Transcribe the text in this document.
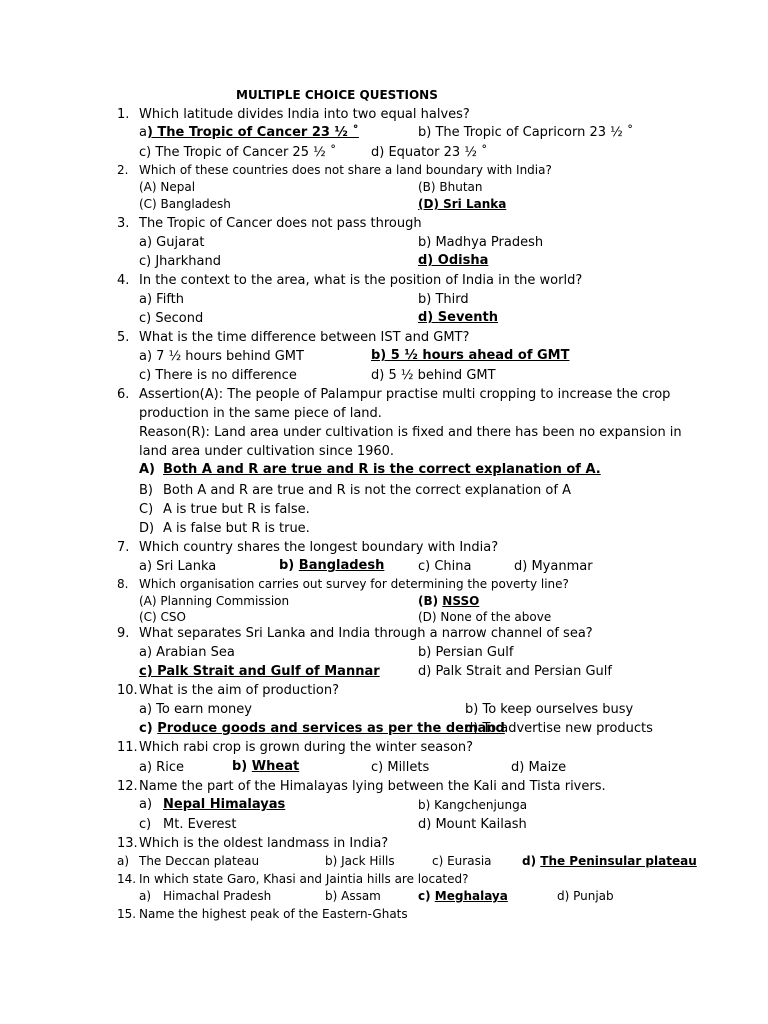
MULTIPLE CHOICE QUESTIONS
1. Which latitude divides India into two equal halves?
a) The Tropic of Cancer 23 ½ ˚	b) The Tropic of Capricorn 23 ½ ˚
c) The Tropic of Cancer 25 ½ ˚	d) Equator 23 ½ ˚
2. Which of these countries does not share a land boundary with India?
(A) Nepal	(B) Bhutan
(C) Bangladesh	(D) Sri Lanka
3. The Tropic of Cancer does not pass through
a) Gujarat	b) Madhya Pradesh
c) Jharkhand	d) Odisha
4. In the context to the area, what is the position of India in the world?
a) Fifth	b) Third
c) Second	d) Seventh
5. What is the time difference between IST and GMT?
a) 7 ½ hours behind GMT	b) 5 ½ hours ahead of GMT
c) There is no difference	d) 5 ½ behind GMT
6. Assertion(A): The people of Palampur practise multi cropping to increase the crop
production in the same piece of land.
Reason(R): Land area under cultivation is fixed and there has been no expansion in
land area under cultivation since 1960.
A) Both A and R are true and R is the correct explanation of A.
B) Both A and R are true and R is not the correct explanation of A
C) A is true but R is false.
D) A is false but R is true.
7. Which country shares the longest boundary with India?
a) Sri Lanka	b) Bangladesh	c) China	d) Myanmar
8. Which organisation carries out survey for determining the poverty line?
(A) Planning Commission	(B) NSSO
(C) CSO	(D) None of the above
9. What separates Sri Lanka and India through a narrow channel of sea?
a) Arabian Sea	b) Persian Gulf
c) Palk Strait and Gulf of Mannar	d) Palk Strait and Persian Gulf
10. What is the aim of production?
a) To earn money	b) To keep ourselves busy
c) Produce goods and services as per the demand
d) To advertise new products
11. Which rabi crop is grown during the winter season?
a) Rice	b) Wheat	c) Millets	d) Maize
12. Name the part of the Himalayas lying between the Kali and Tista rivers.
a) Nepal Himalayas	b) Kangchenjunga
c) Mt. Everest	d) Mount Kailash
13. Which is the oldest landmass in India?
a) The Deccan plateau	b) Jack Hills	c) Eurasia	d) The Peninsular plateau
14. In which state Garo, Khasi and Jaintia hills are located?
a) Himachal Pradesh	b) Assam	c) Meghalaya	d) Punjab
15. Name the highest peak of the Eastern-Ghats
